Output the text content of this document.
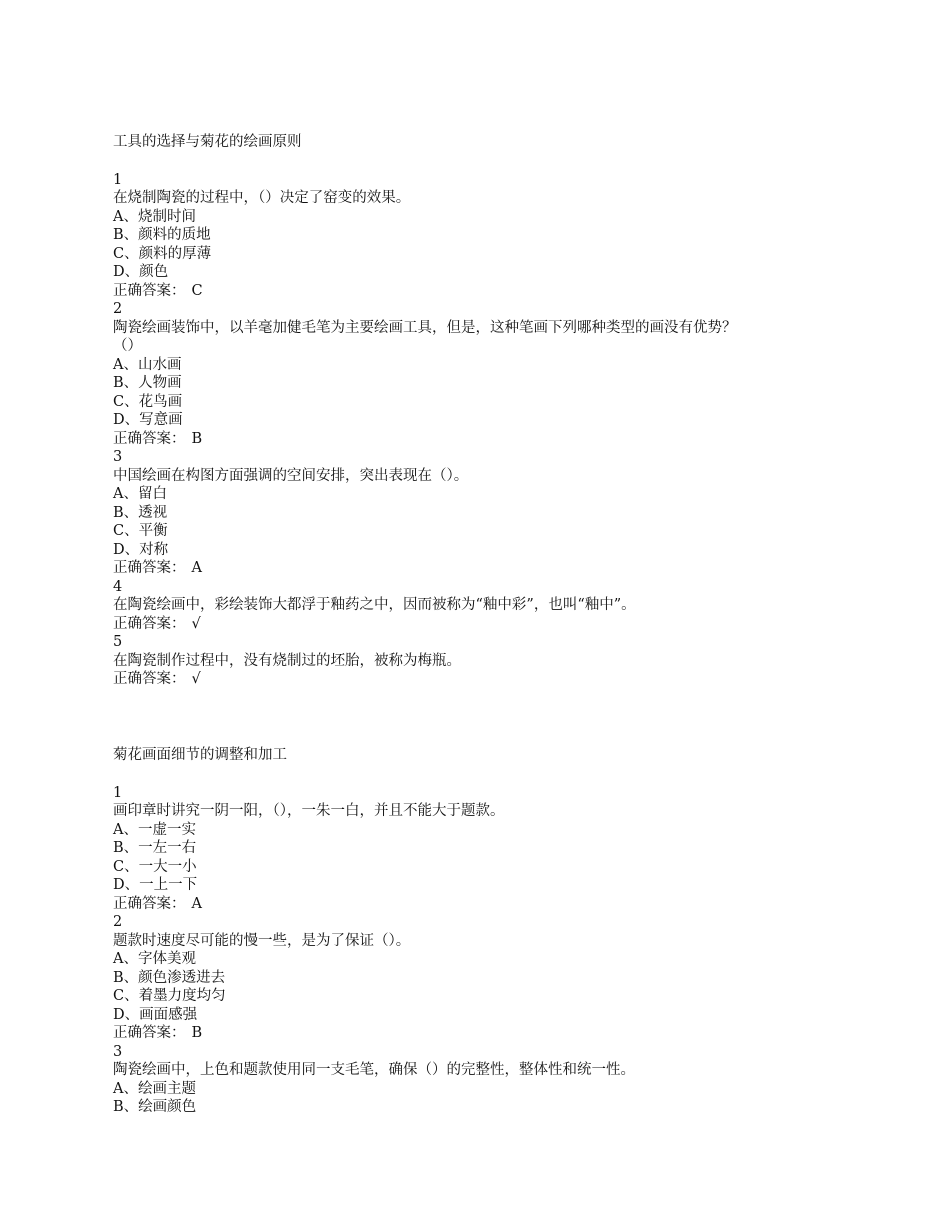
工具的选择与菊花的绘画原则
1
在烧制陶瓷的过程中，（）决定了窑变的效果。
A、烧制时间
B、颜料的质地
C、颜料的厚薄
D、颜色
正确答案： C
2
陶瓷绘画装饰中，以羊毫加健毛笔为主要绘画工具，但是，这种笔画下列哪种类型的画没有优势？
（）
A、山水画
B、人物画
C、花鸟画
D、写意画
正确答案： B
3
中国绘画在构图方面强调的空间安排，突出表现在（）。
A、留白
B、透视
C、平衡
D、对称
正确答案： A
4
在陶瓷绘画中，彩绘装饰大都浮于釉药之中，因而被称为“釉中彩”，也叫“釉中”。
正确答案： √
5
在陶瓷制作过程中，没有烧制过的坯胎，被称为梅瓶。
正确答案： √
菊花画面细节的调整和加工
1
画印章时讲究一阴一阳，（），一朱一白，并且不能大于题款。
A、一虚一实
B、一左一右
C、一大一小
D、一上一下
正确答案： A
2
题款时速度尽可能的慢一些，是为了保证（）。
A、字体美观
B、颜色渗透进去
C、着墨力度均匀
D、画面感强
正确答案： B
3
陶瓷绘画中，上色和题款使用同一支毛笔，确保（）的完整性，整体性和统一性。
A、绘画主题
B、绘画颜色
